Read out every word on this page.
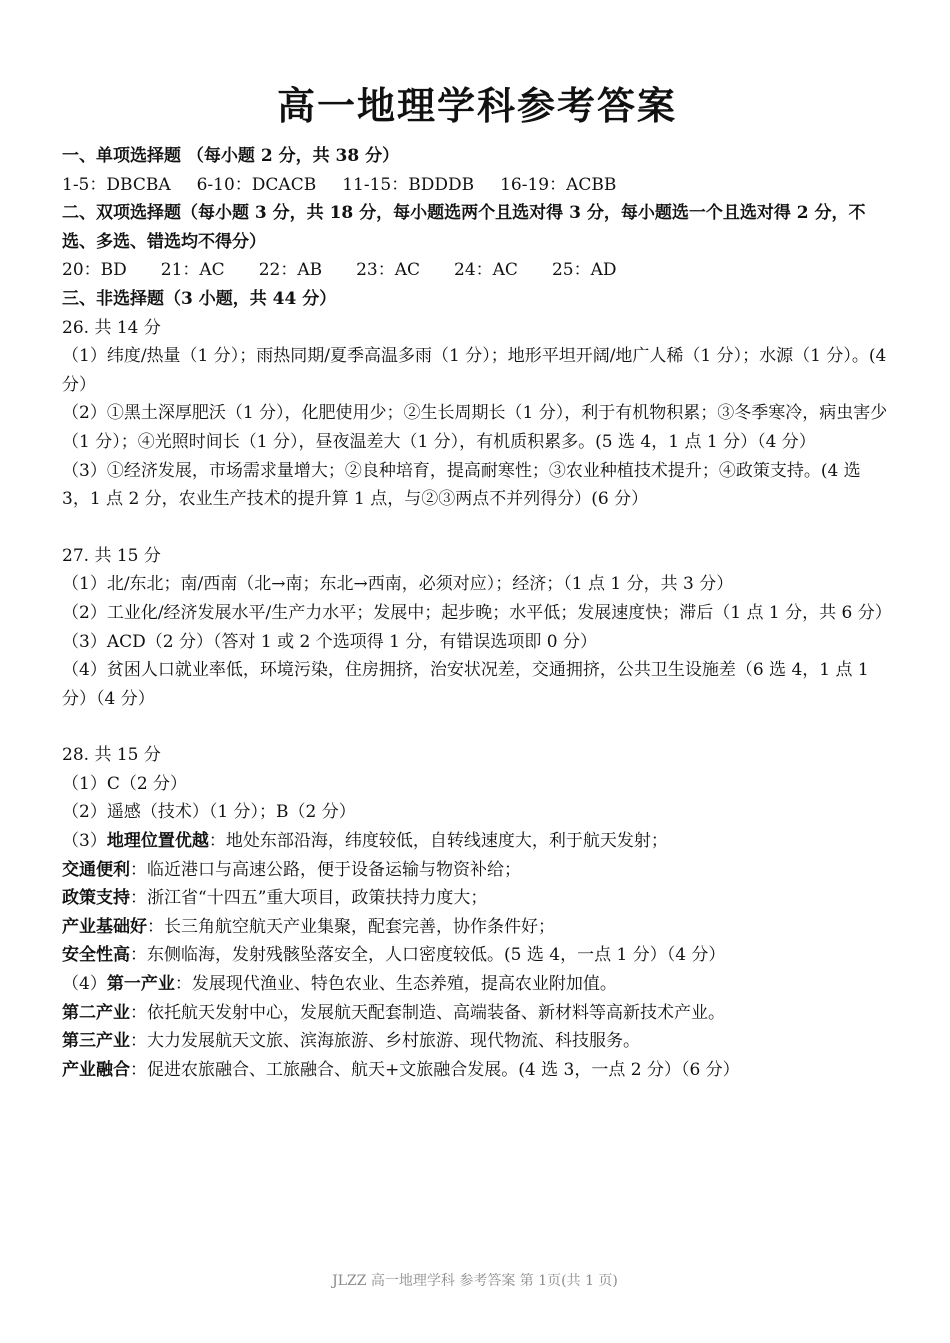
高一地理学科参考答案

一、单项选择题 （每小题 2 分，共 38 分）

1-5：DBCBA 6-10：DCACB 11-15：BDDDB 16-19：ACBB

二、双项选择题（每小题 3 分，共 18 分，每小题选两个且选对得 3 分，每小题选一个且选对得 2 分，不选、多选、错选均不得分）

20：BD 21：AC 22：AB 23：AC 24：AC 25：AD

三、非选择题（3 小题，共 44 分）

26. 共 14 分

（1）纬度/热量（1 分）；雨热同期/夏季高温多雨（1 分）；地形平坦开阔/地广人稀（1 分）；水源（1 分）。(4 分）

（2）①黑土深厚肥沃（1 分），化肥使用少；②生长周期长（1 分），利于有机物积累；③冬季寒冷，病虫害少（1 分）；④光照时间长（1 分），昼夜温差大（1 分），有机质积累多。(5 选 4，1 点 1 分）（4 分）

（3）①经济发展，市场需求量增大；②良种培育，提高耐寒性；③农业种植技术提升；④政策支持。(4 选 3，1 点 2 分，农业生产技术的提升算 1 点，与②③两点不并列得分）(6 分）

27. 共 15 分

（1）北/东北；南/西南（北→南；东北→西南，必须对应）；经济；（1 点 1 分，共 3 分）

（2）工业化/经济发展水平/生产力水平；发展中；起步晚；水平低；发展速度快；滞后（1 点 1 分，共 6 分）

（3）ACD（2 分）（答对 1 或 2 个选项得 1 分，有错误选项即 0 分）

（4）贫困人口就业率低，环境污染，住房拥挤，治安状况差，交通拥挤，公共卫生设施差（6 选 4，1 点 1 分）（4 分）

28. 共 15 分

（1）C（2 分）

（2）遥感（技术）（1 分）；B（2 分）

（3）地理位置优越：地处东部沿海，纬度较低，自转线速度大，利于航天发射；

交通便利：临近港口与高速公路，便于设备运输与物资补给；

政策支持：浙江省“十四五”重大项目，政策扶持力度大；

产业基础好：长三角航空航天产业集聚，配套完善，协作条件好；

安全性高：东侧临海，发射残骸坠落安全，人口密度较低。(5 选 4，一点 1 分）（4 分）

（4）第一产业：发展现代渔业、特色农业、生态养殖，提高农业附加值。

第二产业：依托航天发射中心，发展航天配套制造、高端装备、新材料等高新技术产业。

第三产业：大力发展航天文旅、滨海旅游、乡村旅游、现代物流、科技服务。

产业融合：促进农旅融合、工旅融合、航天+文旅融合发展。(4 选 3，一点 2 分）（6 分）

JLZZ 高一地理学科 参考答案 第 1页(共 1 页)
